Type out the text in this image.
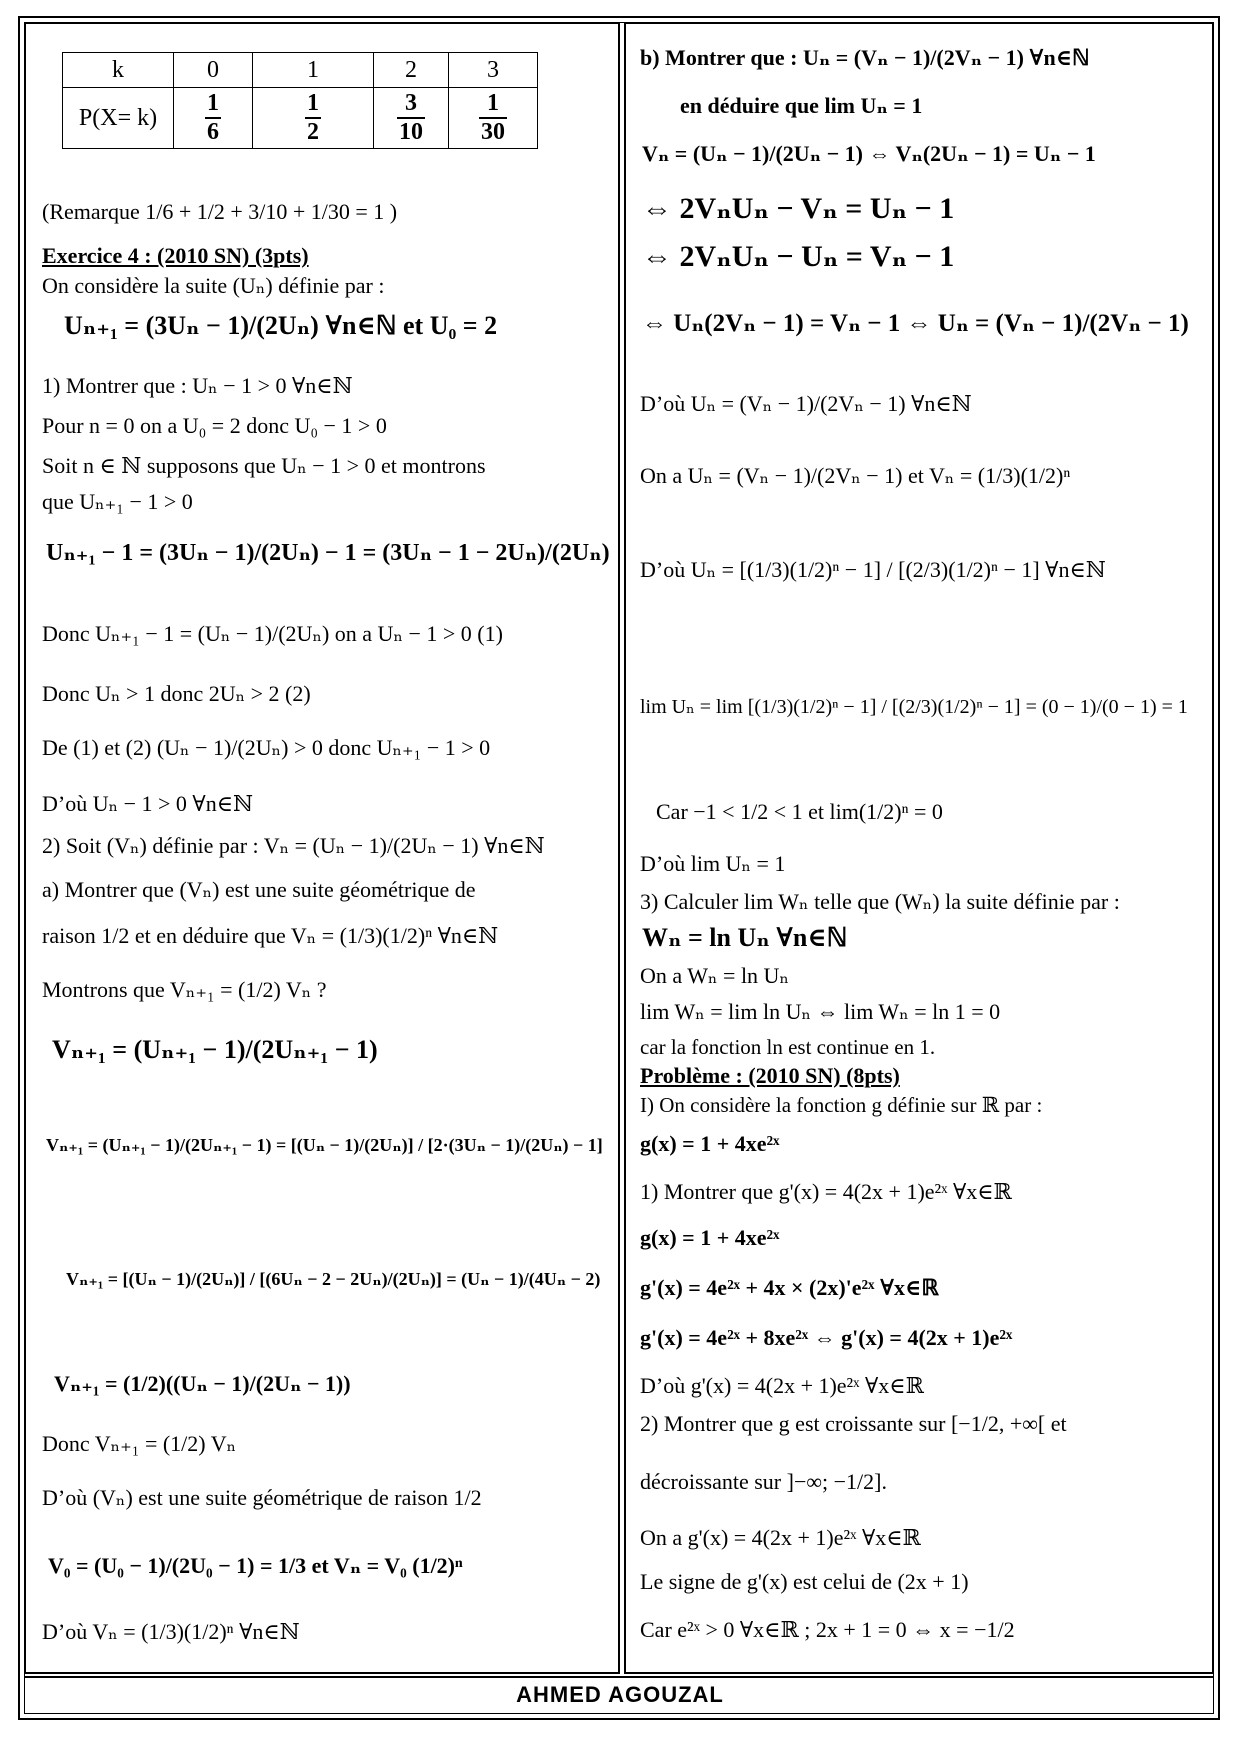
k	0	1	2	3
P(X= k)	$\frac{1}{6}$	$\frac{1}{2}$	$\frac{3}{10}$	$\frac{1}{30}$
(Remarque 1/6 + 1/2 + 3/10 + 1/30 = 1 )
Exercice 4 : (2010 SN) (3pts)
On considère la suite (Uₙ) définie par :
Uₙ₊₁ = (3Uₙ − 1)/(2Uₙ) ∀n∈ℕ et U₀ = 2
1) Montrer que : Uₙ − 1 > 0 ∀n∈ℕ
Pour n = 0 on a U₀ = 2 donc U₀ − 1 > 0
Soit n ∈ ℕ supposons que Uₙ − 1 > 0 et montrons
que Uₙ₊₁ − 1 > 0
Uₙ₊₁ − 1 = (3Uₙ − 1)/(2Uₙ) − 1 = (3Uₙ − 1 − 2Uₙ)/(2Uₙ)
Donc Uₙ₊₁ − 1 = (Uₙ − 1)/(2Uₙ) on a Uₙ − 1 > 0 (1)
Donc Uₙ > 1 donc 2Uₙ > 2 (2)
De (1) et (2) (Uₙ − 1)/(2Uₙ) > 0 donc Uₙ₊₁ − 1 > 0
D’où Uₙ − 1 > 0 ∀n∈ℕ
2) Soit (Vₙ) définie par : Vₙ = (Uₙ − 1)/(2Uₙ − 1) ∀n∈ℕ
a) Montrer que (Vₙ) est une suite géométrique de
raison 1/2 et en déduire que Vₙ = (1/3)(1/2)ⁿ ∀n∈ℕ
Montrons que Vₙ₊₁ = (1/2) Vₙ ?
Vₙ₊₁ = (Uₙ₊₁ − 1)/(2Uₙ₊₁ − 1)
Vₙ₊₁ = (Uₙ₊₁ − 1)/(2Uₙ₊₁ − 1) = [(Uₙ − 1)/(2Uₙ)] / [2·(3Uₙ − 1)/(2Uₙ) − 1]
Vₙ₊₁ = [(Uₙ − 1)/(2Uₙ)] / [(6Uₙ − 2 − 2Uₙ)/(2Uₙ)] = (Uₙ − 1)/(4Uₙ − 2)
Vₙ₊₁ = (1/2)((Uₙ − 1)/(2Uₙ − 1))
Donc Vₙ₊₁ = (1/2) Vₙ
D’où (Vₙ) est une suite géométrique de raison 1/2
V₀ = (U₀ − 1)/(2U₀ − 1) = 1/3 et Vₙ = V₀ (1/2)ⁿ
D’où Vₙ = (1/3)(1/2)ⁿ ∀n∈ℕ
b) Montrer que : Uₙ = (Vₙ − 1)/(2Vₙ − 1) ∀n∈ℕ
en déduire que lim Uₙ = 1
Vₙ = (Uₙ − 1)/(2Uₙ − 1) ⇔ Vₙ(2Uₙ − 1) = Uₙ − 1
⇔ 2VₙUₙ − Vₙ = Uₙ − 1
⇔ 2VₙUₙ − Uₙ = Vₙ − 1
⇔ Uₙ(2Vₙ − 1) = Vₙ − 1 ⇔ Uₙ = (Vₙ − 1)/(2Vₙ − 1)
D’où Uₙ = (Vₙ − 1)/(2Vₙ − 1) ∀n∈ℕ
On a Uₙ = (Vₙ − 1)/(2Vₙ − 1) et Vₙ = (1/3)(1/2)ⁿ
D’où Uₙ = [(1/3)(1/2)ⁿ − 1] / [(2/3)(1/2)ⁿ − 1] ∀n∈ℕ
lim Uₙ = lim [(1/3)(1/2)ⁿ − 1] / [(2/3)(1/2)ⁿ − 1] = (0 − 1)/(0 − 1) = 1
Car −1 < 1/2 < 1 et lim(1/2)ⁿ = 0
D’où lim Uₙ = 1
3) Calculer lim Wₙ telle que (Wₙ) la suite définie par :
Wₙ = ln Uₙ ∀n∈ℕ
On a Wₙ = ln Uₙ
lim Wₙ = lim ln Uₙ ⇔ lim Wₙ = ln 1 = 0
car la fonction ln est continue en 1.
Problème : (2010 SN) (8pts)
I) On considère la fonction g définie sur ℝ par :
g(x) = 1 + 4xe²ˣ
1) Montrer que g'(x) = 4(2x + 1)e²ˣ ∀x∈ℝ
g(x) = 1 + 4xe²ˣ
g'(x) = 4e²ˣ + 4x × (2x)'e²ˣ ∀x∈ℝ
g'(x) = 4e²ˣ + 8xe²ˣ ⇔ g'(x) = 4(2x + 1)e²ˣ
D’où g'(x) = 4(2x + 1)e²ˣ ∀x∈ℝ
2) Montrer que g est croissante sur [−1/2, +∞[ et
décroissante sur ]−∞; −1/2].
On a g'(x) = 4(2x + 1)e²ˣ ∀x∈ℝ
Le signe de g'(x) est celui de (2x + 1)
Car e²ˣ > 0 ∀x∈ℝ ; 2x + 1 = 0 ⇔ x = −1/2
AHMED AGOUZAL
